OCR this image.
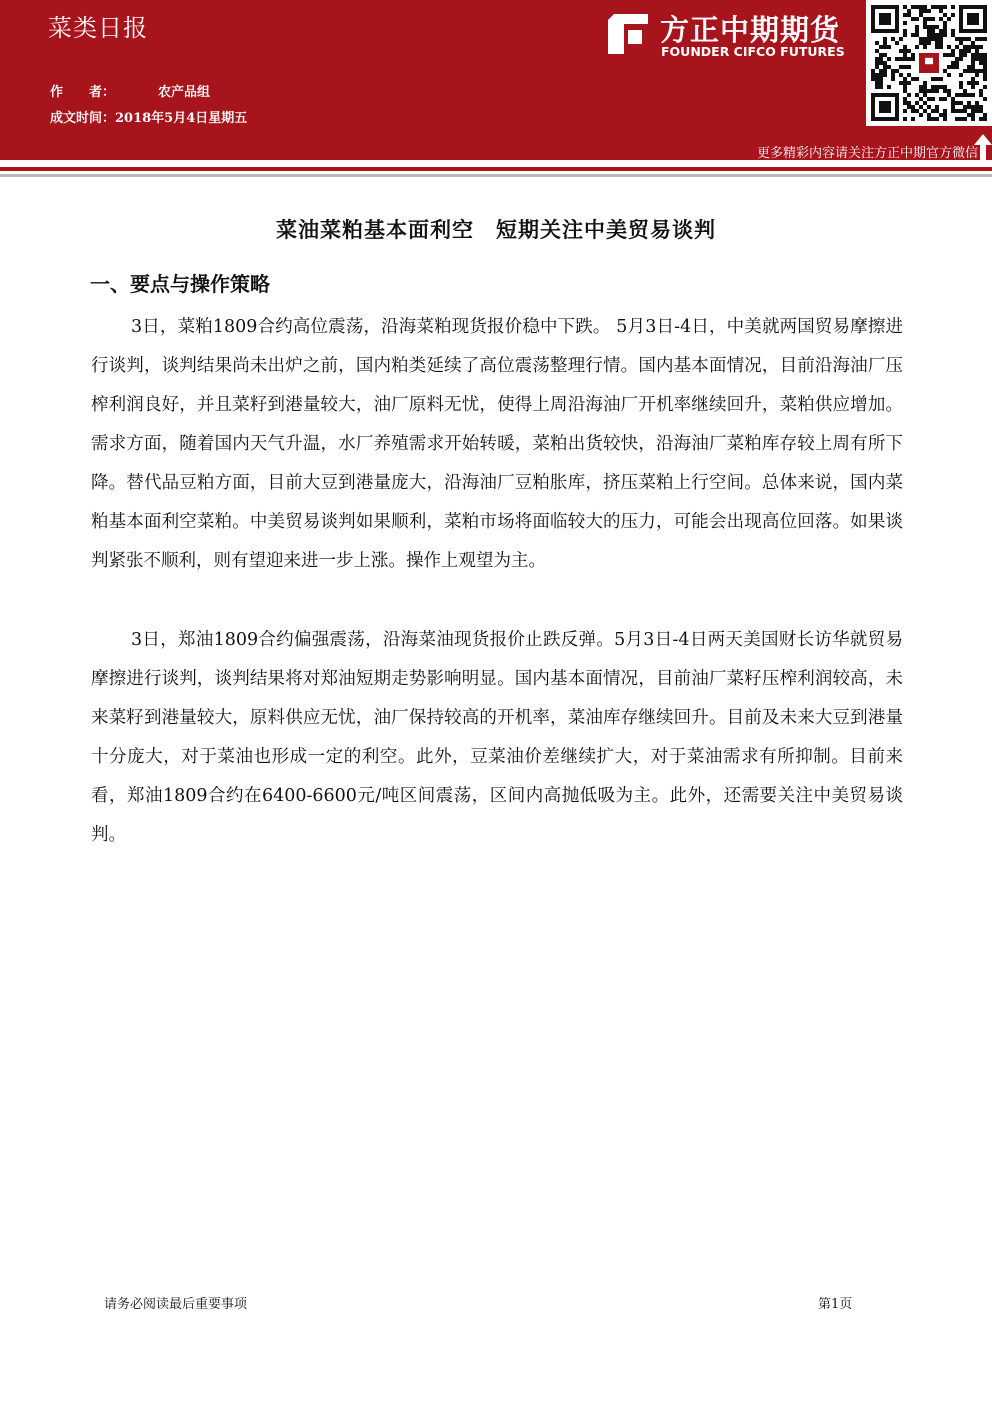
菜类日报
作　　者：	农产品组
成文时间：2018年5月4日星期五
方正中期期货
FOUNDER CIFCO FUTURES
更多精彩内容请关注方正中期官方微信
菜油菜粕基本面利空　短期关注中美贸易谈判
一、要点与操作策略

3日，菜粕1809合约高位震荡，沿海菜粕现货报价稳中下跌。 5月3日-4日，中美就两国贸易摩擦进行谈判，谈判结果尚未出炉之前，国内粕类延续了高位震荡整理行情。国内基本面情况，目前沿海油厂压榨利润良好，并且菜籽到港量较大，油厂原料无忧，使得上周沿海油厂开机率继续回升，菜粕供应增加。需求方面，随着国内天气升温，水厂养殖需求开始转暖，菜粕出货较快，沿海油厂菜粕库存较上周有所下降。替代品豆粕方面，目前大豆到港量庞大，沿海油厂豆粕胀库，挤压菜粕上行空间。总体来说，国内菜粕基本面利空菜粕。中美贸易谈判如果顺利，菜粕市场将面临较大的压力，可能会出现高位回落。如果谈判紧张不顺利，则有望迎来进一步上涨。操作上观望为主。

3日，郑油1809合约偏强震荡，沿海菜油现货报价止跌反弹。5月3日-4日两天美国财长访华就贸易摩擦进行谈判，谈判结果将对郑油短期走势影响明显。国内基本面情况，目前油厂菜籽压榨利润较高，未来菜籽到港量较大，原料供应无忧，油厂保持较高的开机率，菜油库存继续回升。目前及未来大豆到港量十分庞大，对于菜油也形成一定的利空。此外，豆菜油价差继续扩大，对于菜油需求有所抑制。目前来看，郑油1809合约在6400-6600元/吨区间震荡，区间内高抛低吸为主。此外，还需要关注中美贸易谈判。

请务必阅读最后重要事项	第1页
